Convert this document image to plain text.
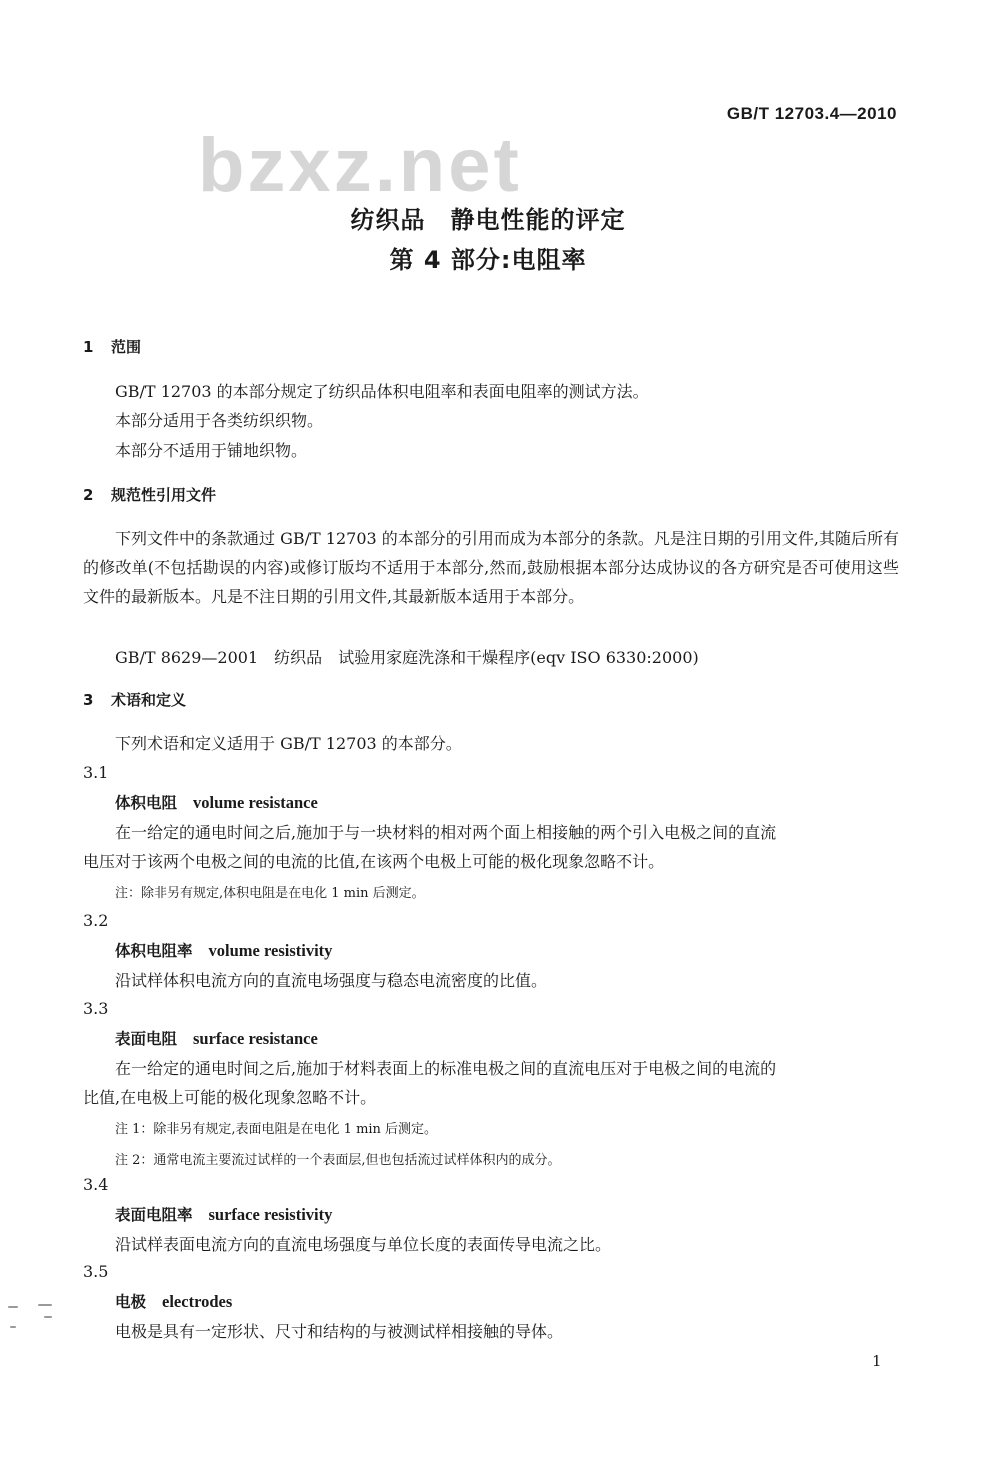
GB/T 12703.4—2010
bzxz.net
纺织品　静电性能的评定
第 4 部分:电阻率
1 范围
GB/T 12703 的本部分规定了纺织品体积电阻率和表面电阻率的测试方法。
本部分适用于各类纺织织物。
本部分不适用于铺地织物。
2 规范性引用文件
下列文件中的条款通过 GB/T 12703 的本部分的引用而成为本部分的条款。凡是注日期的引用文件,其随后所有的修改单(不包括勘误的内容)或修订版均不适用于本部分,然而,鼓励根据本部分达成协议的各方研究是否可使用这些文件的最新版本。凡是不注日期的引用文件,其最新版本适用于本部分。
GB/T 8629—2001　纺织品　试验用家庭洗涤和干燥程序(eqv ISO 6330:2000)
3 术语和定义
下列术语和定义适用于 GB/T 12703 的本部分。
3.1
体积电阻 volume resistance
在一给定的通电时间之后,施加于与一块材料的相对两个面上相接触的两个引入电极之间的直流
电压对于该两个电极之间的电流的比值,在该两个电极上可能的极化现象忽略不计。
注：除非另有规定,体积电阻是在电化 1 min 后测定。
3.2
体积电阻率 volume resistivity
沿试样体积电流方向的直流电场强度与稳态电流密度的比值。
3.3
表面电阻 surface resistance
在一给定的通电时间之后,施加于材料表面上的标准电极之间的直流电压对于电极之间的电流的
比值,在电极上可能的极化现象忽略不计。
注 1：除非另有规定,表面电阻是在电化 1 min 后测定。
注 2：通常电流主要流过试样的一个表面层,但也包括流过试样体积内的成分。
3.4
表面电阻率 surface resistivity
沿试样表面电流方向的直流电场强度与单位长度的表面传导电流之比。
3.5
电极 electrodes
电极是具有一定形状、尺寸和结构的与被测试样相接触的导体。
1
